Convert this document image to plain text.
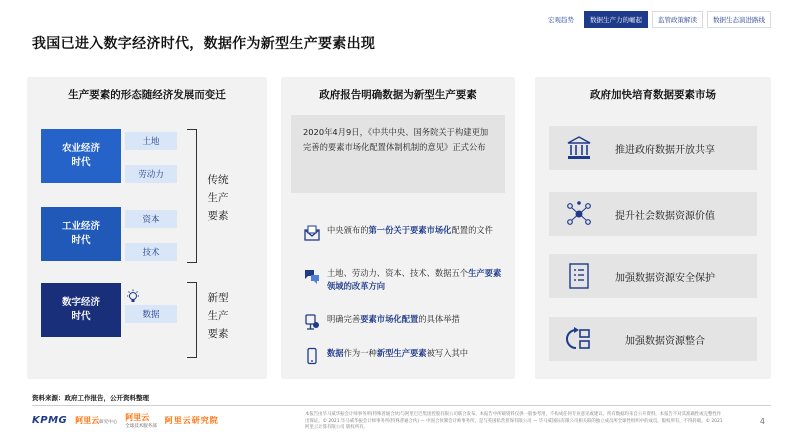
宏观趋势	数据生产力的崛起	监管政策解读	数据生态演进路线
我国已进入数字经济时代，数据作为新型生产要素出现
生产要素的形态随经济发展而变迁
农业经济
时代
土地
劳动力
工业经济
时代
资本
技术
数字经济
时代	数据
传统
生产
要素
新型
生产
要素
政府报告明确数据为新型生产要素
2020年4月9日，《中共中央、国务院关于构建更加完善的要素市场化配置体制机制的意见》正式公布
中央颁布的第一份关于要素市场化配置的文件
土地、劳动力、资本、技术、数据五个生产要素领域的改革方向
明确完善要素市场化配置的具体举措
数据作为一种新型生产要素被写入其中
政府加快培育数据要素市场
推进政府数据开放共享
提升社会数据资源价值
加强数据资源安全保护
加强数据资源整合
资料来源：政府工作报告，公开资料整理
KPMG 阿里云研究中心
阿里云
全球技术服务部
阿里云研究院
本报告由毕马威华振会计师事务所(特殊普通合伙)与阿里巴巴集团控股有限公司联合发布。本报告中所载资料仅供一般参考用，不构成任何专业意见或建议。所有数据均来自公开资料，本报告不对其准确性或完整性作出保证。© 2021 毕马威华振会计师事务所(特殊普通合伙) — 中国合伙制会计师事务所，是与英国私营担保有限公司 — 毕马威国际有限公司相关联的独立成员所全球性组织中的成员。版权所有，不得转载。© 2021 阿里云计算有限公司 版权所有。
4
